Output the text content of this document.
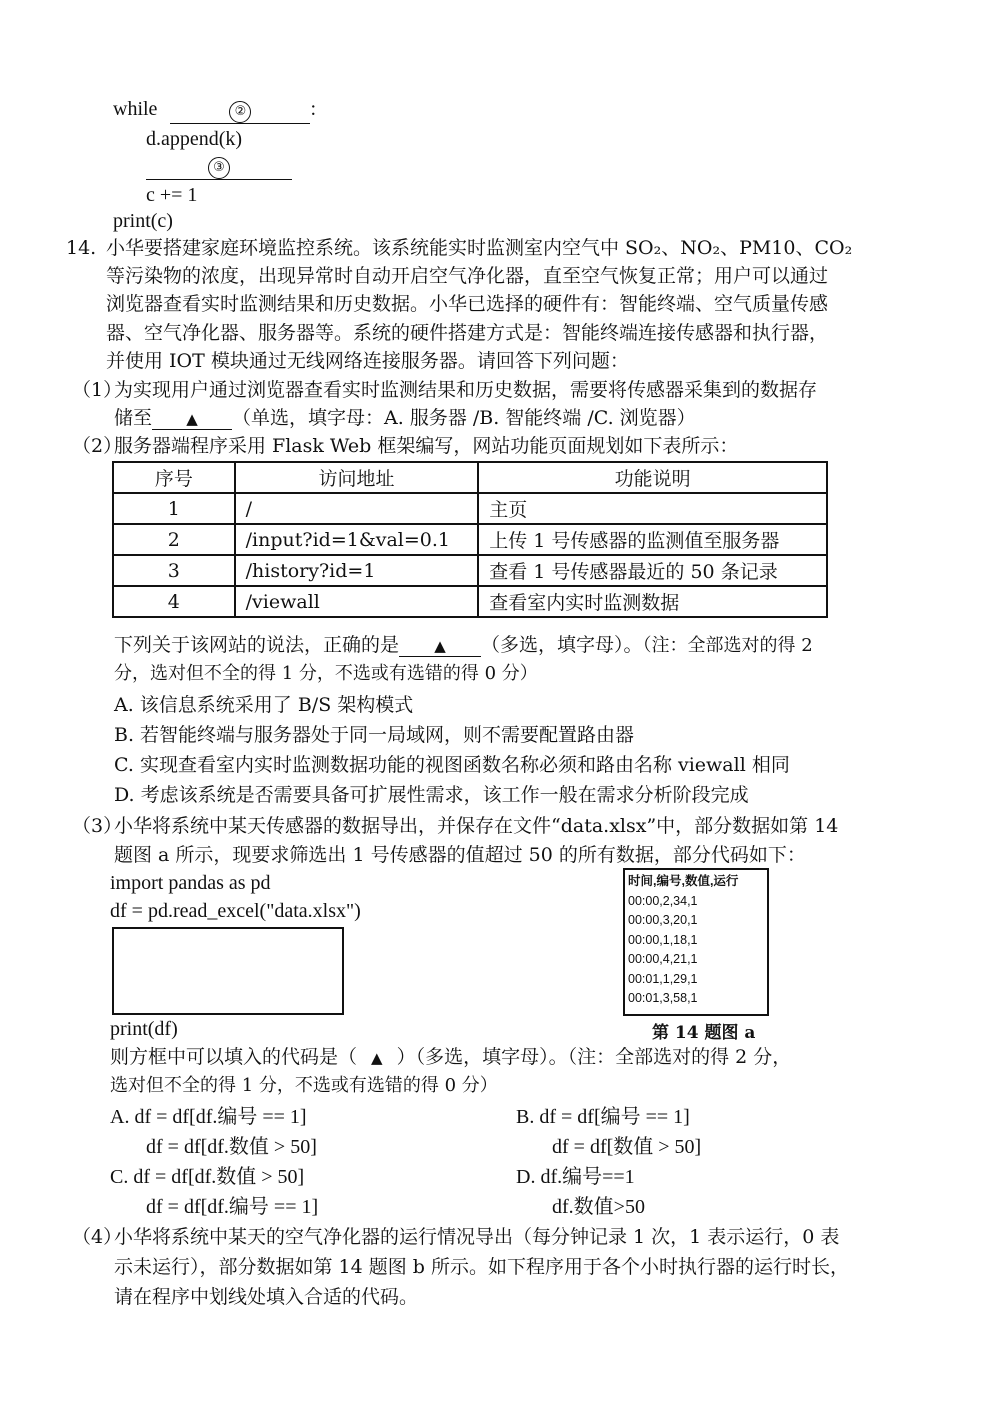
while	②	:
d.append(k)
③
c += 1
print(c)
14. 小华要搭建家庭环境监控系统。该系统能实时监测室内空气中 SO₂、NO₂、PM10、CO₂
等污染物的浓度，出现异常时自动开启空气净化器，直至空气恢复正常；用户可以通过
浏览器查看实时监测结果和历史数据。小华已选择的硬件有：智能终端、空气质量传感
器、空气净化器、服务器等。系统的硬件搭建方式是：智能终端连接传感器和执行器，
并使用 IOT 模块通过无线网络连接服务器。请回答下列问题：
（1）
为实现用户通过浏览器查看实时监测结果和历史数据，需要将传感器采集到的数据存
储至 ▲ （单选，填字母：A. 服务器 /B. 智能终端 /C. 浏览器）
（2）
服务器端程序采用 Flask Web 框架编写，网站功能页面规划如下表所示：
序号	访问地址	功能说明
1	/	主页
2	/input?id=1&val=0.1	上传 1 号传感器的监测值至服务器
3	/history?id=1	查看 1 号传感器最近的 50 条记录
4	/viewall	查看室内实时监测数据
下列关于该网站的说法，正确的是 ▲ （多选，填字母）。（注：全部选对的得 2
分，选对但不全的得 1 分，不选或有选错的得 0 分）
A. 该信息系统采用了 B/S 架构模式
B. 若智能终端与服务器处于同一局域网，则不需要配置路由器
C. 实现查看室内实时监测数据功能的视图函数名称必须和路由名称 viewall 相同
D. 考虑该系统是否需要具备可扩展性需求，该工作一般在需求分析阶段完成
（3）
小华将系统中某天传感器的数据导出，并保存在文件“data.xlsx”中，部分数据如第 14
题图 a 所示，现要求筛选出 1 号传感器的值超过 50 的所有数据，部分代码如下：
import pandas as pd
df = pd.read_excel("data.xlsx")
print(df)
时间,编号,数值,运行
00:00,2,34,1
00:00,3,20,1
00:00,1,18,1
00:00,4,21,1
00:01,1,29,1
00:01,3,58,1
第 14 题图 a
则方框中可以填入的代码是（ ▲ ）（多选，填字母）。（注：全部选对的得 2 分，
选对但不全的得 1 分，不选或有选错的得 0 分）
A. df = df[df.编号 == 1]
df = df[df.数值 > 50]
B. df = df[编号 == 1]
df = df[数值 > 50]
C. df = df[df.数值 > 50]
df = df[df.编号 == 1]
D. df.编号==1
df.数值>50
（4）
小华将系统中某天的空气净化器的运行情况导出（每分钟记录 1 次，1 表示运行，0 表
示未运行），部分数据如第 14 题图 b 所示。如下程序用于各个小时执行器的运行时长，
请在程序中划线处填入合适的代码。
